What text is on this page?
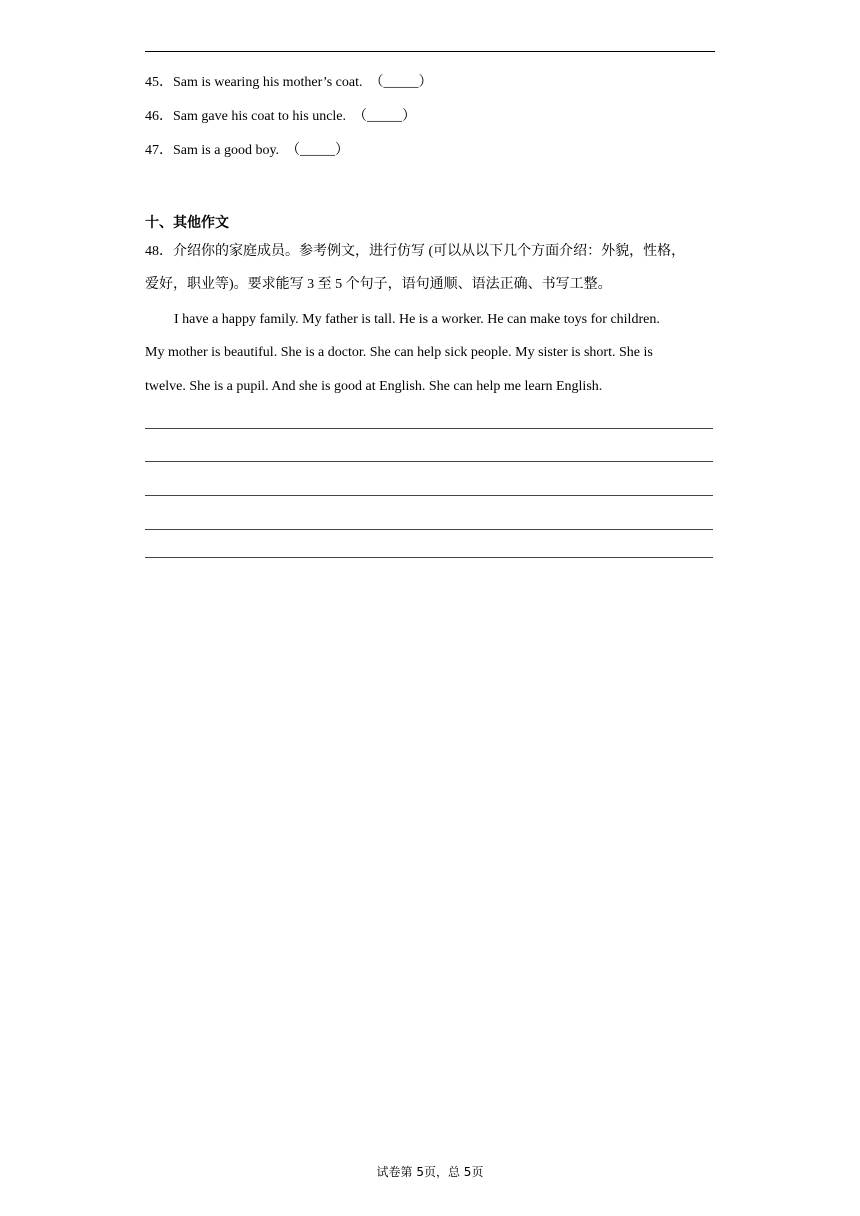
45．Sam is wearing his mother’s coat. （_____）
46．Sam gave his coat to his uncle. （_____）
47．Sam is a good boy. （_____）
十、其他作文
48．介绍你的家庭成员。参考例文，进行仿写 (可以从以下几个方面介绍：外貌，性格，
爱好，职业等)。要求能写 3 至 5 个句子，语句通顺、语法正确、书写工整。
I have a happy family. My father is tall. He is a worker. He can make toys for children.
My mother is beautiful. She is a doctor. She can help sick people. My sister is short. She is
twelve. She is a pupil. And she is good at English. She can help me learn English.
试卷第 5页，总 5页
